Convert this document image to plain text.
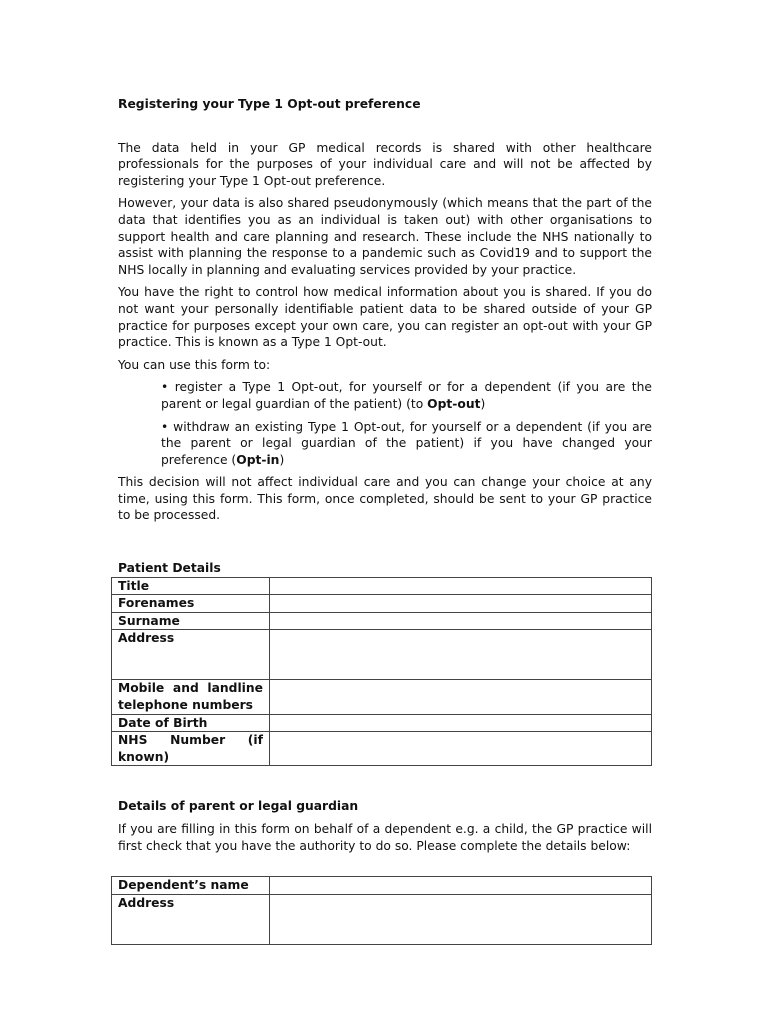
Registering your Type 1 Opt-out preference

The data held in your GP medical records is shared with other healthcare professionals for the purposes of your individual care and will not be affected by registering your Type 1 Opt-out preference.

However, your data is also shared pseudonymously (which means that the part of the data that identifies you as an individual is taken out) with other organisations to support health and care planning and research. These include the NHS nationally to assist with planning the response to a pandemic such as Covid19 and to support the NHS locally in planning and evaluating services provided by your practice.

You have the right to control how medical information about you is shared. If you do not want your personally identifiable patient data to be shared outside of your GP practice for purposes except your own care, you can register an opt-out with your GP practice. This is known as a Type 1 Opt-out.

You can use this form to:

• register a Type 1 Opt-out, for yourself or for a dependent (if you are the parent or legal guardian of the patient) (to Opt-out)
• withdraw an existing Type 1 Opt-out, for yourself or a dependent (if you are the parent or legal guardian of the patient) if you have changed your preference (Opt-in)

This decision will not affect individual care and you can change your choice at any time, using this form. This form, once completed, should be sent to your GP practice to be processed.

Patient Details

Title	
Forenames	
Surname	
Address	
Mobile and landline telephone numbers	
Date of Birth	
NHS Number (if known)	

Details of parent or legal guardian

If you are filling in this form on behalf of a dependent e.g. a child, the GP practice will first check that you have the authority to do so. Please complete the details below:

Dependent’s name	
Address	
